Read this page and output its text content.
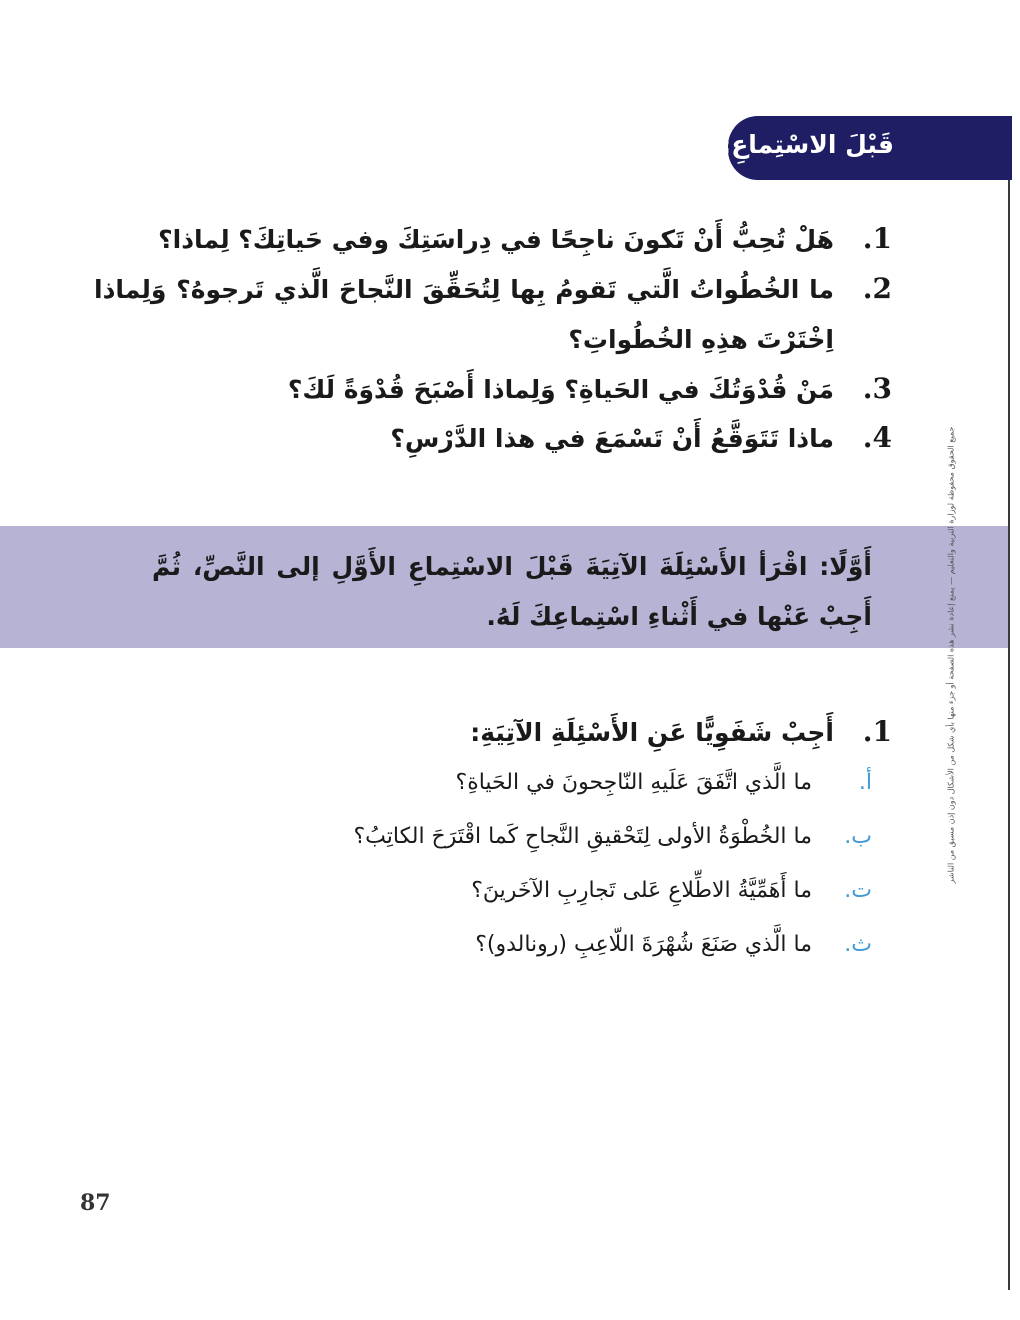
قَبْلَ الاسْتِماعِ:
1.
هَلْ تُحِبُّ أَنْ تَكونَ ناجِحًا في دِراسَتِكَ وفي حَياتِكَ؟ لِماذا؟
2.
ما الخُطُواتُ الَّتي تَقومُ بِها لِتُحَقِّقَ النَّجاحَ الَّذي تَرجوهُ؟ وَلِماذا اِخْتَرْتَ هذِهِ الخُطُواتِ؟
3.
مَنْ قُدْوَتُكَ في الحَياةِ؟ وَلِماذا أَصْبَحَ قُدْوَةً لَكَ؟
4.
ماذا تَتَوَقَّعُ أَنْ تَسْمَعَ في هذا الدَّرْسِ؟
أَوَّلًا: اقْرَأ الأَسْئِلَةَ الآتِيَةَ قَبْلَ الاسْتِماعِ الأَوَّلِ إلى النَّصِّ، ثُمَّ أَجِبْ عَنْها في أَثْناءِ اسْتِماعِكَ لَهُ.
1.
أَجِبْ شَفَوِيًّا عَنِ الأَسْئِلَةِ الآتِيَةِ:
أ.
ما الَّذي اتَّفَقَ عَلَيهِ النّاجِحونَ في الحَياةِ؟
ب.
ما الخُطْوَةُ الأولى لِتَحْقيقِ النَّجاحِ كَما اقْتَرَحَ الكاتِبُ؟
ت.
ما أَهَمِّيَّةُ الاطِّلاعِ عَلى تَجارِبِ الآخَرينَ؟
ث.
ما الَّذي صَنَعَ شُهْرَةَ اللّاعِبِ (رونالدو)؟
جميع الحقوق محفوظة لوزارة التربية والتعليم — يمنع إعادة نشر هذه الصفحة أو جزء منها بأي شكل من الأشكال دون إذن مسبق من الناشر
87
